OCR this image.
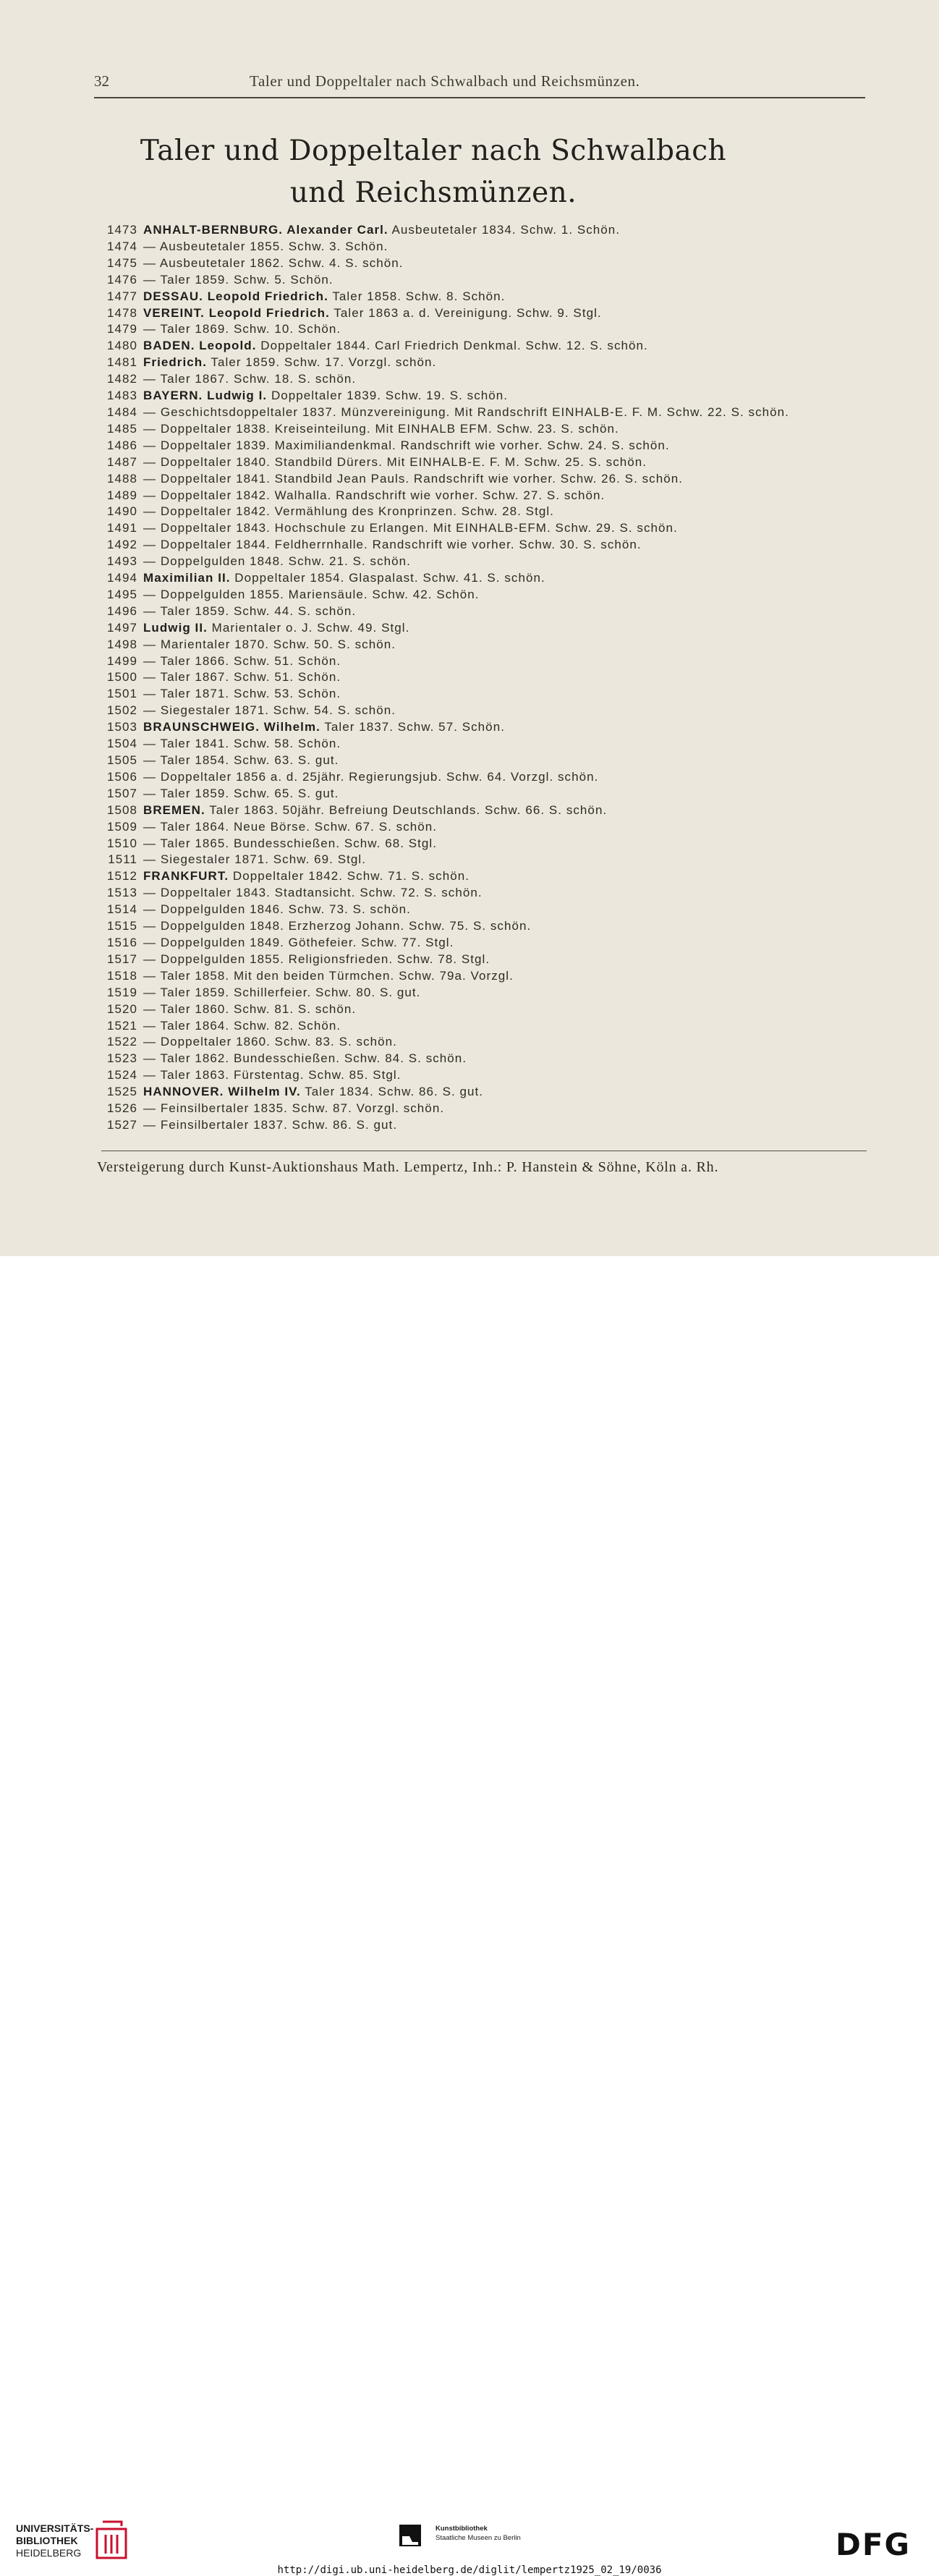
32	Taler und Doppeltaler nach Schwalbach und Reichsmünzen.
Taler und Doppeltaler nach Schwalbach
und Reichsmünzen.
1473 ANHALT-BERNBURG. Alexander Carl. Ausbeutetaler 1834. Schw. 1. Schön.
1474 — Ausbeutetaler 1855. Schw. 3. Schön.
1475 — Ausbeutetaler 1862. Schw. 4. S. schön.
1476 — Taler 1859. Schw. 5. Schön.
1477 DESSAU. Leopold Friedrich. Taler 1858. Schw. 8. Schön.
1478 VEREINT. Leopold Friedrich. Taler 1863 a. d. Vereinigung. Schw. 9. Stgl.
1479 — Taler 1869. Schw. 10. Schön.
1480 BADEN. Leopold. Doppeltaler 1844. Carl Friedrich Denkmal. Schw. 12. S. schön.
1481 Friedrich. Taler 1859. Schw. 17. Vorzgl. schön.
1482 — Taler 1867. Schw. 18. S. schön.
1483 BAYERN. Ludwig I. Doppeltaler 1839. Schw. 19. S. schön.
1484 — Geschichtsdoppeltaler 1837. Münzvereinigung. Mit Randschrift EINHALB-E. F. M. Schw. 22. S. schön.
1485 — Doppeltaler 1838. Kreiseinteilung. Mit EINHALB EFM. Schw. 23. S. schön.
1486 — Doppeltaler 1839. Maximiliandenkmal. Randschrift wie vorher. Schw. 24. S. schön.
1487 — Doppeltaler 1840. Standbild Dürers. Mit EINHALB-E. F. M. Schw. 25. S. schön.
1488 — Doppeltaler 1841. Standbild Jean Pauls. Randschrift wie vorher. Schw. 26. S. schön.
1489 — Doppeltaler 1842. Walhalla. Randschrift wie vorher. Schw. 27. S. schön.
1490 — Doppeltaler 1842. Vermählung des Kronprinzen. Schw. 28. Stgl.
1491 — Doppeltaler 1843. Hochschule zu Erlangen. Mit EINHALB-EFM. Schw. 29. S. schön.
1492 — Doppeltaler 1844. Feldherrnhalle. Randschrift wie vorher. Schw. 30. S. schön.
1493 — Doppelgulden 1848. Schw. 21. S. schön.
1494 Maximilian II. Doppeltaler 1854. Glaspalast. Schw. 41. S. schön.
1495 — Doppelgulden 1855. Mariensäule. Schw. 42. Schön.
1496 — Taler 1859. Schw. 44. S. schön.
1497 Ludwig II. Marientaler o. J. Schw. 49. Stgl.
1498 — Marientaler 1870. Schw. 50. S. schön.
1499 — Taler 1866. Schw. 51. Schön.
1500 — Taler 1867. Schw. 51. Schön.
1501 — Taler 1871. Schw. 53. Schön.
1502 — Siegestaler 1871. Schw. 54. S. schön.
1503 BRAUNSCHWEIG. Wilhelm. Taler 1837. Schw. 57. Schön.
1504 — Taler 1841. Schw. 58. Schön.
1505 — Taler 1854. Schw. 63. S. gut.
1506 — Doppeltaler 1856 a. d. 25jähr. Regierungsjub. Schw. 64. Vorzgl. schön.
1507 — Taler 1859. Schw. 65. S. gut.
1508 BREMEN. Taler 1863. 50jähr. Befreiung Deutschlands. Schw. 66. S. schön.
1509 — Taler 1864. Neue Börse. Schw. 67. S. schön.
1510 — Taler 1865. Bundesschießen. Schw. 68. Stgl.
1511 — Siegestaler 1871. Schw. 69. Stgl.
1512 FRANKFURT. Doppeltaler 1842. Schw. 71. S. schön.
1513 — Doppeltaler 1843. Stadtansicht. Schw. 72. S. schön.
1514 — Doppelgulden 1846. Schw. 73. S. schön.
1515 — Doppelgulden 1848. Erzherzog Johann. Schw. 75. S. schön.
1516 — Doppelgulden 1849. Göthefeier. Schw. 77. Stgl.
1517 — Doppelgulden 1855. Religionsfrieden. Schw. 78. Stgl.
1518 — Taler 1858. Mit den beiden Türmchen. Schw. 79a. Vorzgl.
1519 — Taler 1859. Schillerfeier. Schw. 80. S. gut.
1520 — Taler 1860. Schw. 81. S. schön.
1521 — Taler 1864. Schw. 82. Schön.
1522 — Doppeltaler 1860. Schw. 83. S. schön.
1523 — Taler 1862. Bundesschießen. Schw. 84. S. schön.
1524 — Taler 1863. Fürstentag. Schw. 85. Stgl.
1525 HANNOVER. Wilhelm IV. Taler 1834. Schw. 86. S. gut.
1526 — Feinsilbertaler 1835. Schw. 87. Vorzgl. schön.
1527 — Feinsilbertaler 1837. Schw. 86. S. gut.
Versteigerung durch Kunst-Auktionshaus Math. Lempertz, Inh.: P. Hanstein & Söhne, Köln a. Rh.
UNIVERSITÄTS-
BIBLIOTHEK
HEIDELBERG
Kunstbibliothek
Staatliche Museen zu Berlin	DFG
http://digi.ub.uni-heidelberg.de/diglit/lempertz1925_02_19/0036
